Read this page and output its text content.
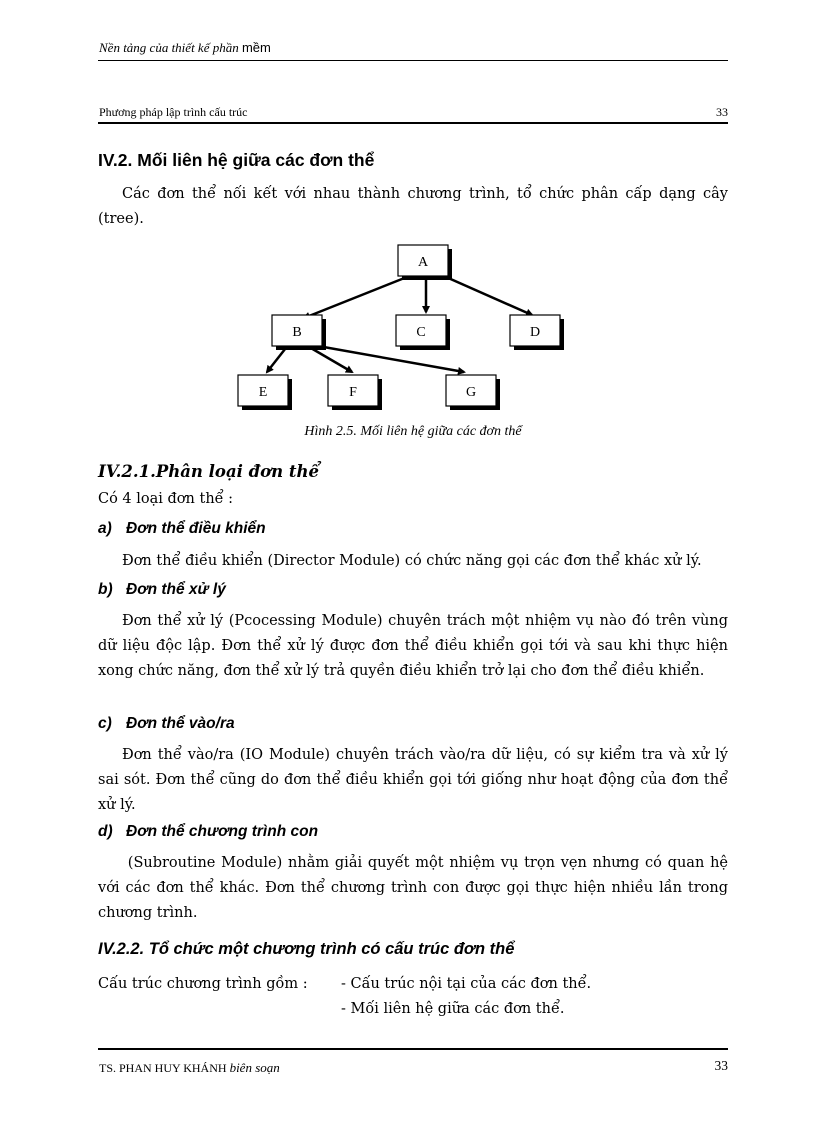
Nền tảng của thiết kế phần mềm
Phương pháp lập trình cấu trúc	33
IV.2. Mối liên hệ giữa các đơn thể
Các đơn thể nối kết với nhau thành chương trình, tổ chức phân cấp dạng cây (tree).
A
B	C	D
E	F	G
Hình 2.5. Mối liên hệ giữa các đơn thể
IV.2.1.Phân loại đơn thể
Có 4 loại đơn thể :
a) Đơn thể điều khiển
Đơn thể điều khiển (Director Module) có chức năng gọi các đơn thể khác xử lý.
b) Đơn thể xử lý
Đơn thể xử lý (Pcocessing Module) chuyên trách một nhiệm vụ nào đó trên vùng dữ liệu độc lập. Đơn thể xử lý được đơn thể điều khiển gọi tới và sau khi thực hiện xong chức năng, đơn thể xử lý trả quyền điều khiển trở lại cho đơn thể điều khiển.
c) Đơn thể vào/ra
Đơn thể vào/ra (IO Module) chuyên trách vào/ra dữ liệu, có sự kiểm tra và xử lý sai sót. Đơn thể cũng do đơn thể điều khiển gọi tới giống như hoạt động của đơn thể xử lý.
d) Đơn thể chương trình con
(Subroutine Module) nhằm giải quyết một nhiệm vụ trọn vẹn nhưng có quan hệ với các đơn thể khác. Đơn thể chương trình con được gọi thực hiện nhiều lần trong chương trình.
IV.2.2. Tổ chức một chương trình có cấu trúc đơn thể
Cấu trúc chương trình gồm : - Cấu trúc nội tại của các đơn thể.
- Mối liên hệ giữa các đơn thể.
TS. PHAN HUY KHÁNH biên soạn	33
